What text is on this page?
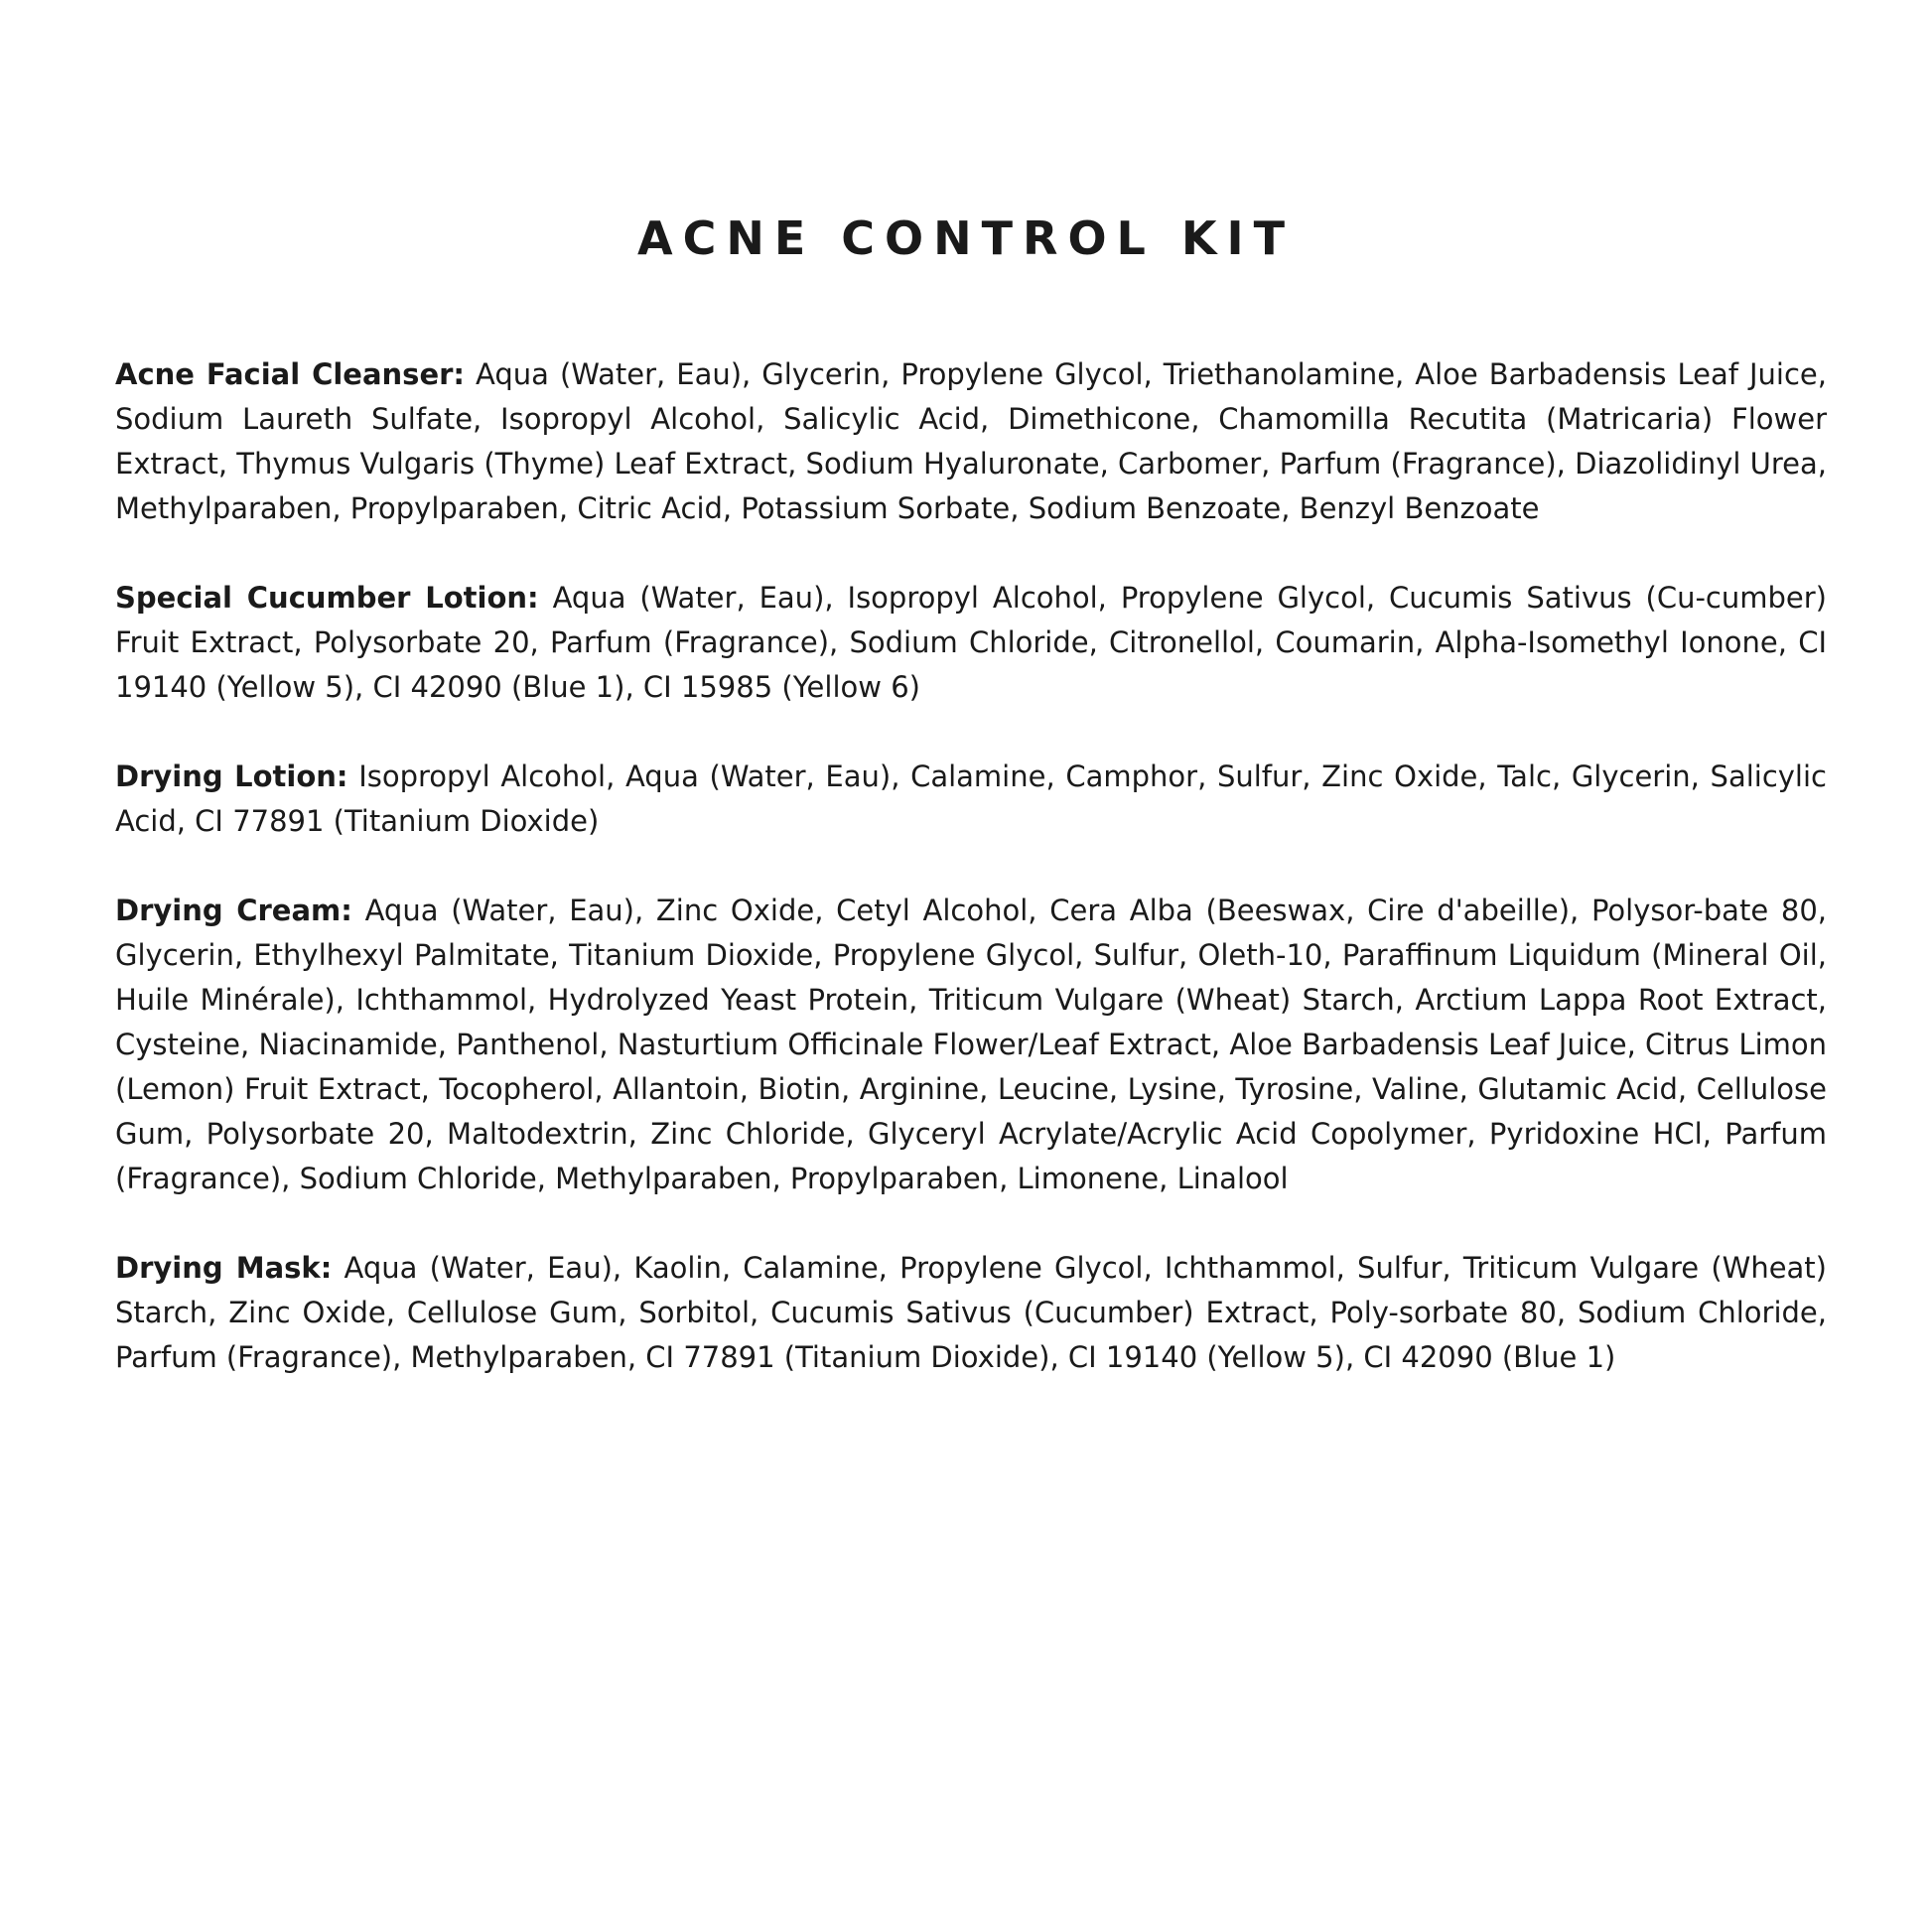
ACNE CONTROL KIT

Acne Facial Cleanser: Aqua (Water, Eau), Glycerin, Propylene Glycol, Triethanolamine, Aloe Barbadensis Leaf Juice, Sodium Laureth Sulfate, Isopropyl Alcohol, Salicylic Acid, Dimethicone, Chamomilla Recutita (Matricaria) Flower Extract, Thymus Vulgaris (Thyme) Leaf Extract, Sodium Hyaluronate, Carbomer, Parfum (Fragrance), Diazolidinyl Urea, Methylparaben, Propylparaben, Citric Acid, Potassium Sorbate, Sodium Benzoate, Benzyl Benzoate

Special Cucumber Lotion: Aqua (Water, Eau), Isopropyl Alcohol, Propylene Glycol, Cucumis Sativus (Cu-cumber) Fruit Extract, Polysorbate 20, Parfum (Fragrance), Sodium Chloride, Citronellol, Coumarin, Alpha-Isomethyl Ionone, CI 19140 (Yellow 5), CI 42090 (Blue 1), CI 15985 (Yellow 6)

Drying Lotion: Isopropyl Alcohol, Aqua (Water, Eau), Calamine, Camphor, Sulfur, Zinc Oxide, Talc, Glycerin, Salicylic Acid, CI 77891 (Titanium Dioxide)

Drying Cream: Aqua (Water, Eau), Zinc Oxide, Cetyl Alcohol, Cera Alba (Beeswax, Cire d'abeille), Polysor-bate 80, Glycerin, Ethylhexyl Palmitate, Titanium Dioxide, Propylene Glycol, Sulfur, Oleth-10, Paraffinum Liquidum (Mineral Oil, Huile Minérale), Ichthammol, Hydrolyzed Yeast Protein, Triticum Vulgare (Wheat) Starch, Arctium Lappa Root Extract, Cysteine, Niacinamide, Panthenol, Nasturtium Officinale Flower/Leaf Extract, Aloe Barbadensis Leaf Juice, Citrus Limon (Lemon) Fruit Extract, Tocopherol, Allantoin, Biotin, Arginine, Leucine, Lysine, Tyrosine, Valine, Glutamic Acid, Cellulose Gum, Polysorbate 20, Maltodextrin, Zinc Chloride, Glyceryl Acrylate/Acrylic Acid Copolymer, Pyridoxine HCl, Parfum (Fragrance), Sodium Chloride, Methylparaben, Propylparaben, Limonene, Linalool

Drying Mask: Aqua (Water, Eau), Kaolin, Calamine, Propylene Glycol, Ichthammol, Sulfur, Triticum Vulgare (Wheat) Starch, Zinc Oxide, Cellulose Gum, Sorbitol, Cucumis Sativus (Cucumber) Extract, Poly-sorbate 80, Sodium Chloride, Parfum (Fragrance), Methylparaben, CI 77891 (Titanium Dioxide), CI 19140 (Yellow 5), CI 42090 (Blue 1)
